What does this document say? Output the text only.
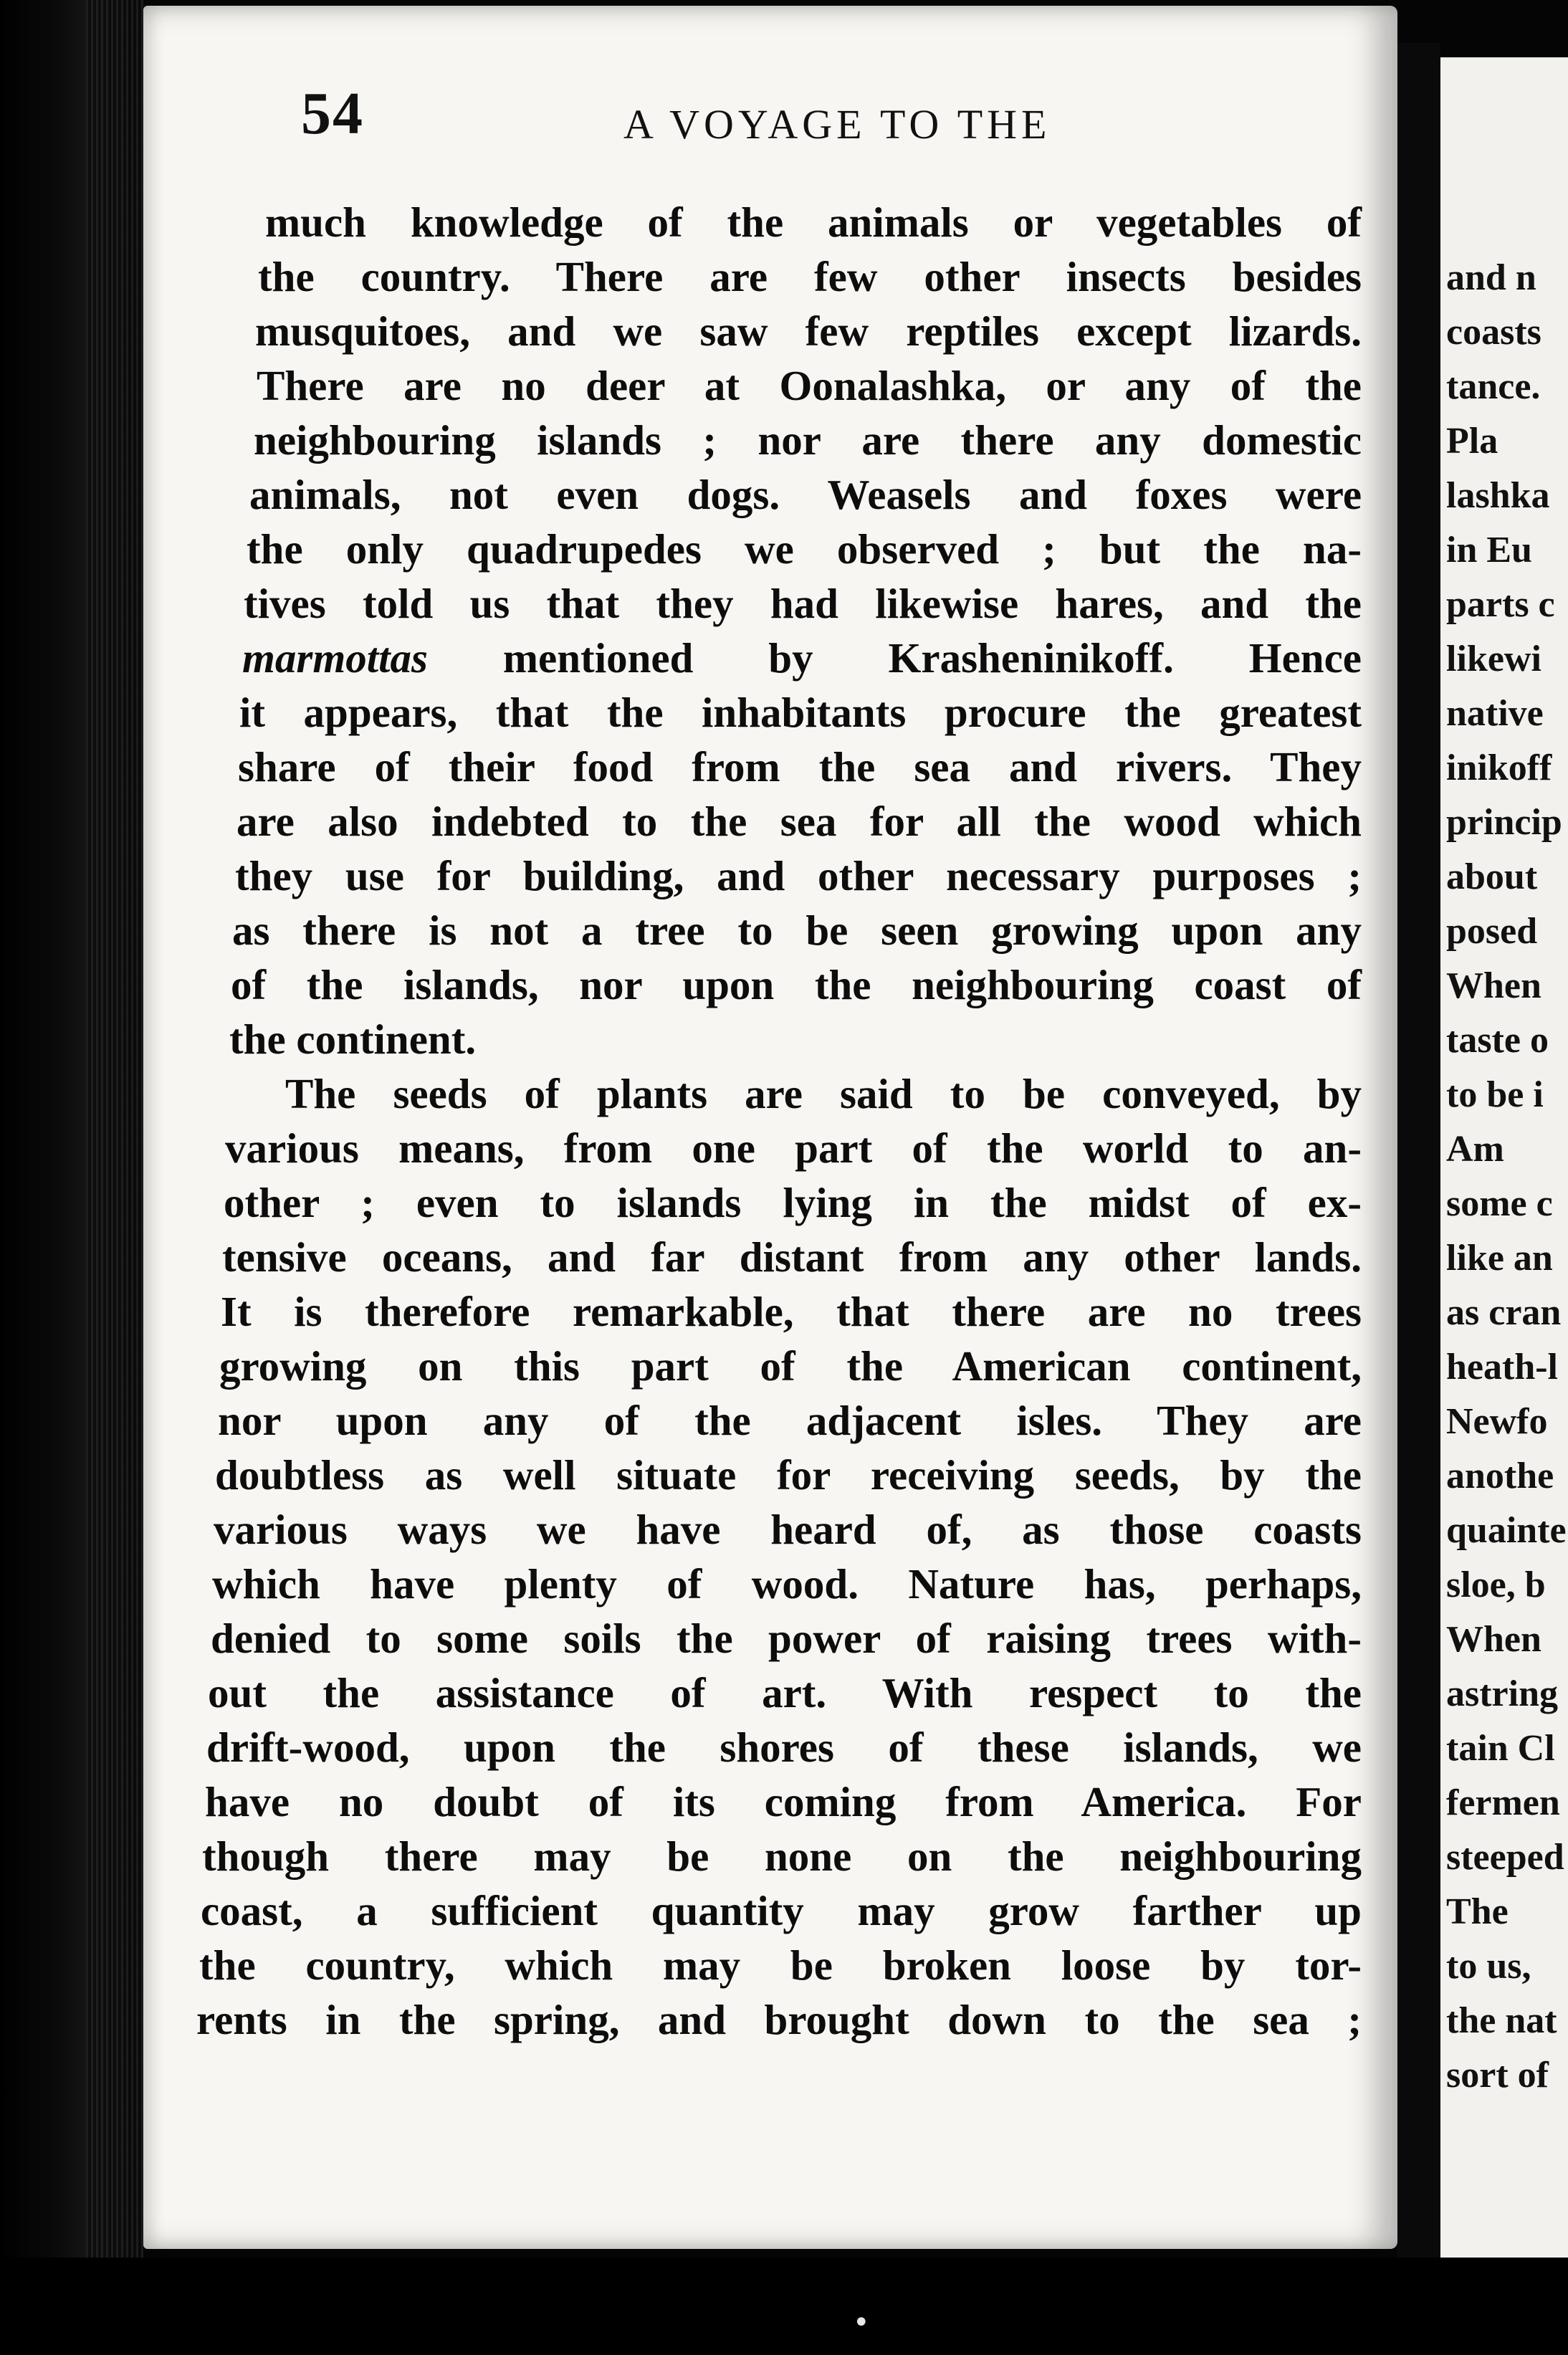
54	A VOYAGE TO THE
much knowledge of the animals or vegetables of
the country. There are few other insects besides
musquitoes, and we saw few reptiles except lizards.
There are no deer at Oonalashka, or any of the
neighbouring islands ; nor are there any domestic
animals, not even dogs. Weasels and foxes were
the only quadrupedes we observed ; but the na-
tives told us that they had likewise hares, and the
marmottas mentioned by Krasheninikoff. Hence
it appears, that the inhabitants procure the greatest
share of their food from the sea and rivers. They
are also indebted to the sea for all the wood which
they use for building, and other necessary purposes ;
as there is not a tree to be seen growing upon any
of the islands, nor upon the neighbouring coast of
the continent.
The seeds of plants are said to be conveyed, by
various means, from one part of the world to an-
other ; even to islands lying in the midst of ex-
tensive oceans, and far distant from any other lands.
It is therefore remarkable, that there are no trees
growing on this part of the American continent,
nor upon any of the adjacent isles. They are
doubtless as well situate for receiving seeds, by the
various ways we have heard of, as those coasts
which have plenty of wood. Nature has, perhaps,
denied to some soils the power of raising trees with-
out the assistance of art. With respect to the
drift-wood, upon the shores of these islands, we
have no doubt of its coming from America. For
though there may be none on the neighbouring
coast, a sufficient quantity may grow farther up
the country, which may be broken loose by tor-
rents in the spring, and brought down to the sea ;
and n
coasts
tance.
Pla
lashka
in Eu
parts c
likewi
native
inikoff
princip
about
posed
When
taste o
to be i
Am
some c
like an
as cran
heath-l
Newfo
anothe
quainte
sloe, b
When
astring
tain Cl
fermen
steeped
The
to us,
the nat
sort of
•
